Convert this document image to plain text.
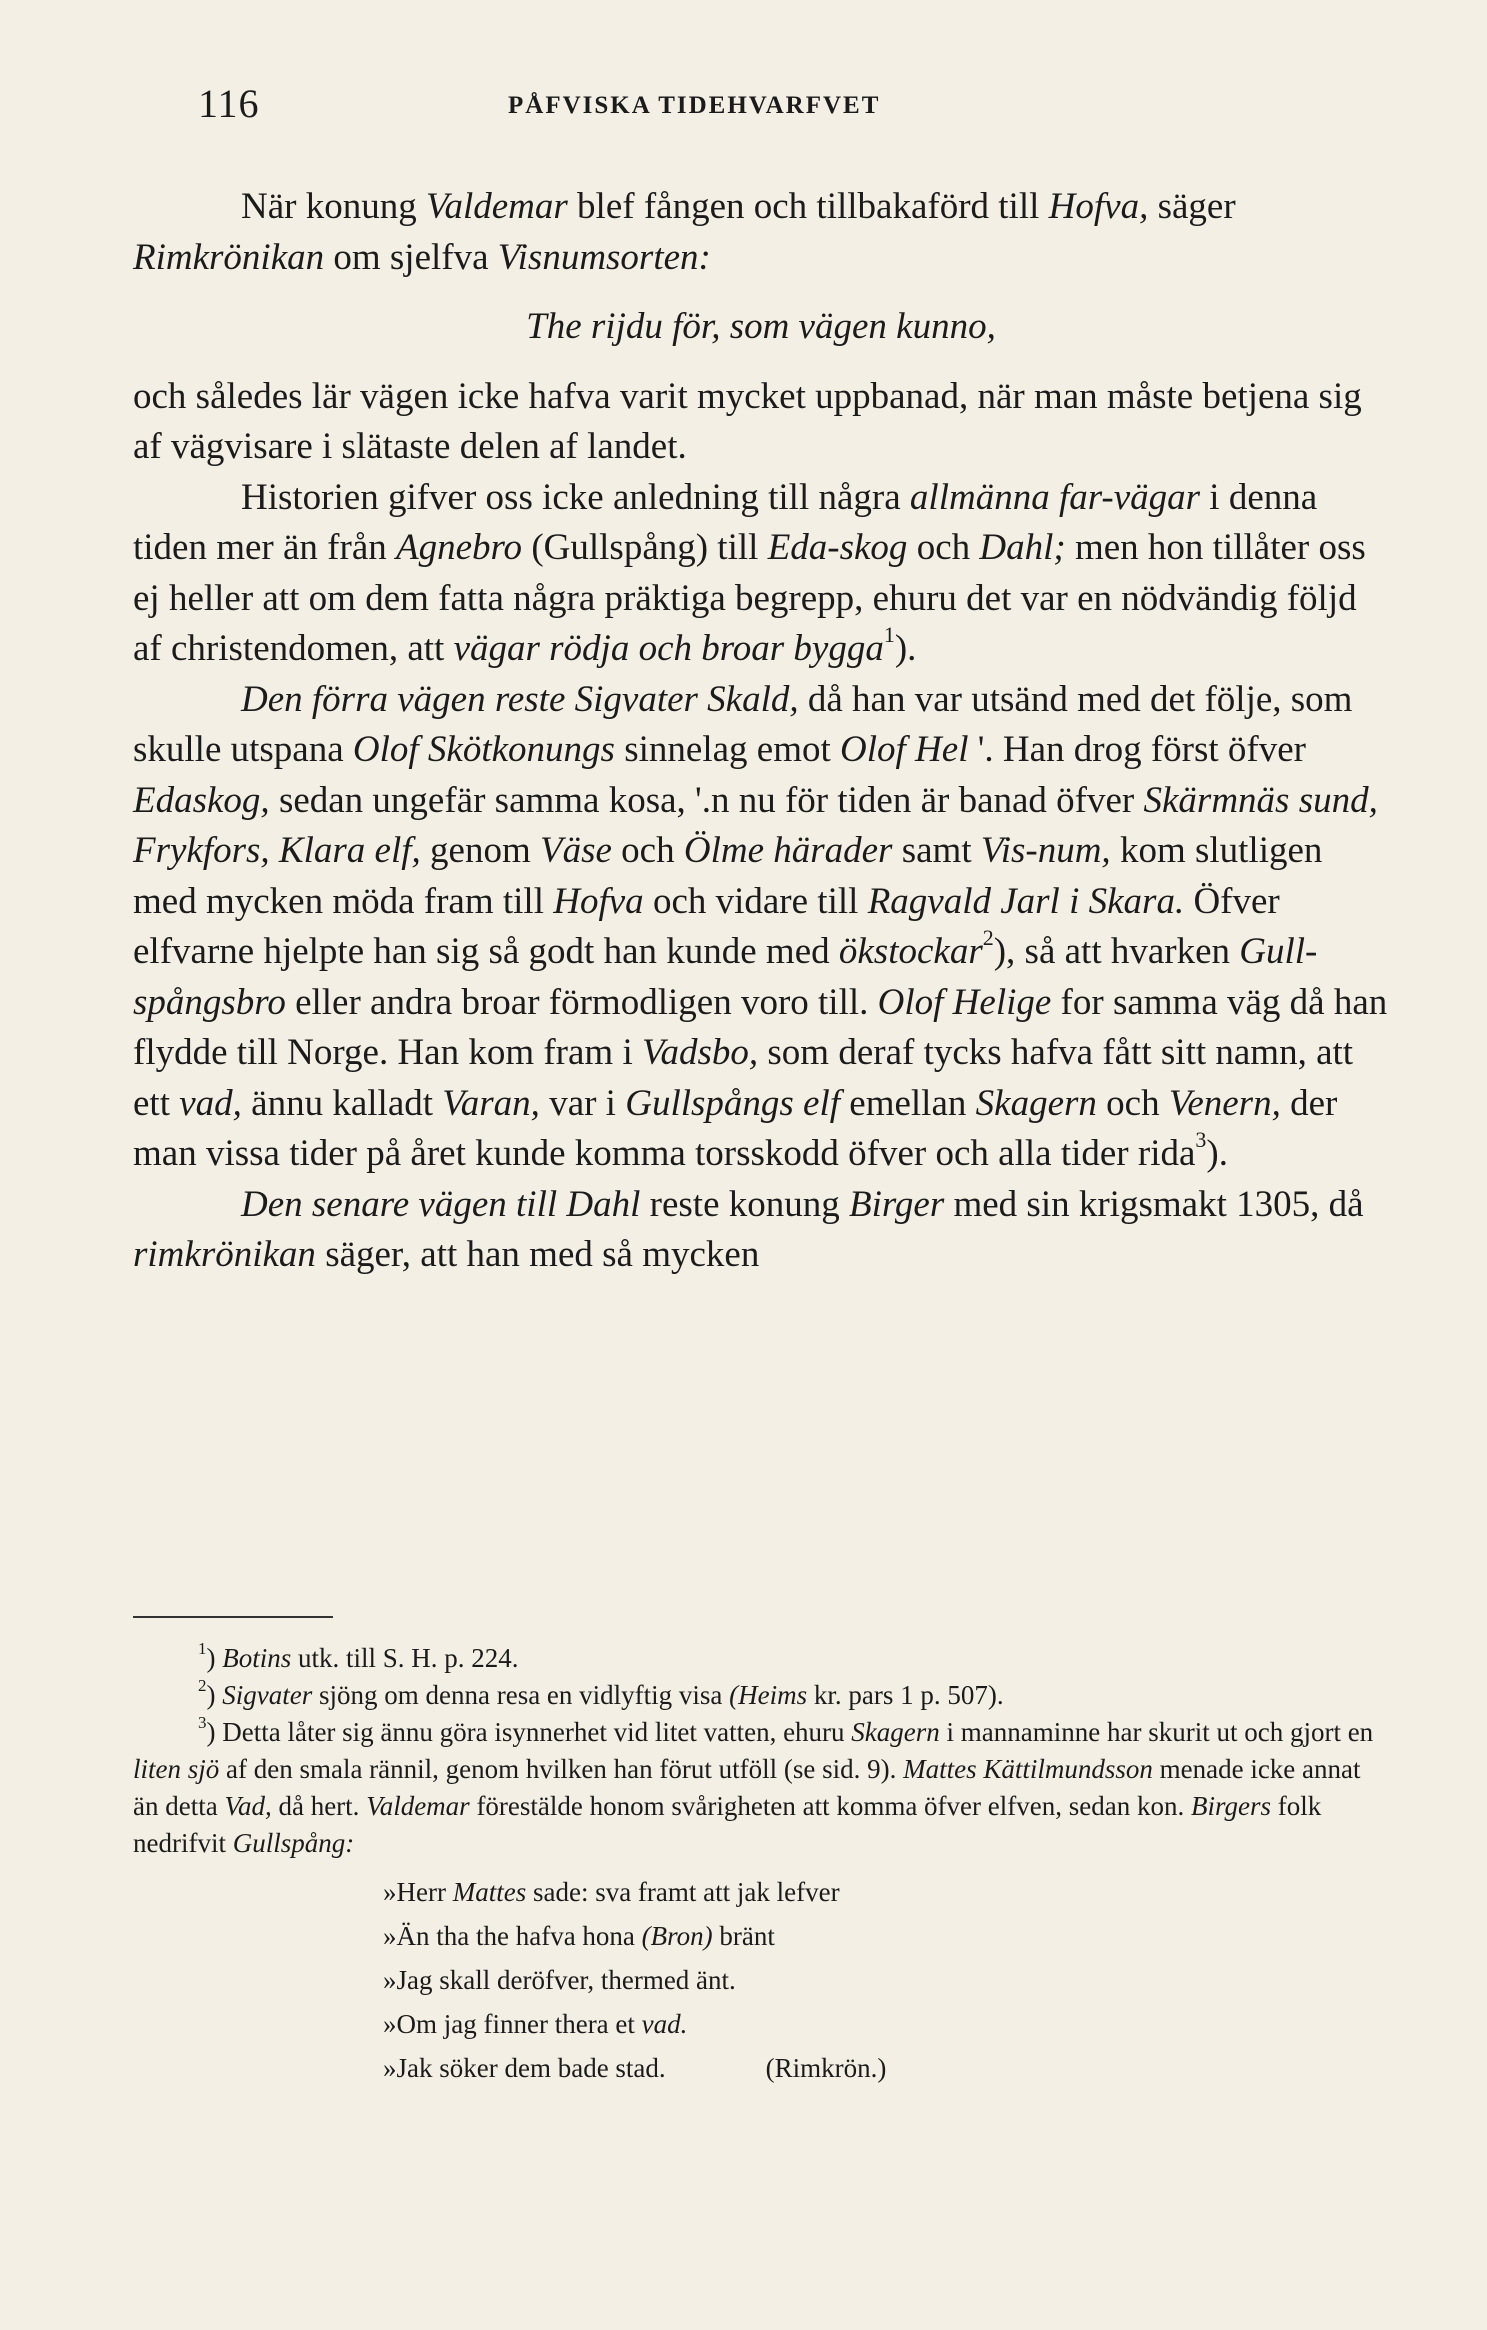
116	PÅFVISKA TIDEHVARFVET

När konung Valdemar blef fången och tillbakaförd till Hofva, säger Rimkrönikan om sjelfva Visnumsorten:

The rijdu för, som vägen kunno,

och således lär vägen icke hafva varit mycket uppbanad, när man måste betjena sig af vägvisare i slätaste delen af landet.

Historien gifver oss icke anledning till några allmänna far-vägar i denna tiden mer än från Agnebro (Gullspång) till Eda-skog och Dahl; men hon tillåter oss ej heller att om dem fatta några präktiga begrepp, ehuru det var en nödvändig följd af christendomen, att vägar rödja och broar bygga$^1$).

Den förra vägen reste Sigvater Skald, då han var utsänd med det följe, som skulle utspana Olof Skötkonungs sinnelag emot Olof Hel '. Han drog först öfver Edaskog, sedan ungefär samma kosa, '.n nu för tiden är banad öfver Skärmnäs sund, Frykfors, Klara elf, genom Väse och Ölme härader samt Vis-num, kom slutligen med mycken möda fram till Hofva och vidare till Ragvald Jarl i Skara. Öfver elfvarne hjelpte han sig så godt han kunde med ökstockar$^2$), så att hvarken Gull-spångsbro eller andra broar förmodligen voro till. Olof Helige for samma väg då han flydde till Norge. Han kom fram i Vadsbo, som deraf tycks hafva fått sitt namn, att ett vad, ännu kalladt Varan, var i Gullspångs elf emellan Skagern och Venern, der man vissa tider på året kunde komma torsskodd öfver och alla tider rida$^3$).

Den senare vägen till Dahl reste konung Birger med sin krigsmakt 1305, då rimkrönikan säger, att han med så mycken

$^1$) Botins utk. till S. H. p. 224.

$^2$) Sigvater sjöng om denna resa en vidlyftig visa (Heims kr. pars 1 p. 507).

$^3$) Detta låter sig ännu göra isynnerhet vid litet vatten, ehuru Skagern i mannaminne har skurit ut och gjort en liten sjö af den smala rännil, genom hvilken han förut utföll (se sid. 9). Mattes Kättilmundsson menade icke annat än detta Vad, då hert. Valdemar förestälde honom svårigheten att komma öfver elfven, sedan kon. Birgers folk nedrifvit Gullspång:

»Herr Mattes sade: sva framt att jak lefver
»Än tha the hafva hona (Bron) bränt
»Jag skall deröfver, thermed änt.
»Om jag finner thera et vad.
»Jak söker dem bade stad.	(Rimkrön.)
